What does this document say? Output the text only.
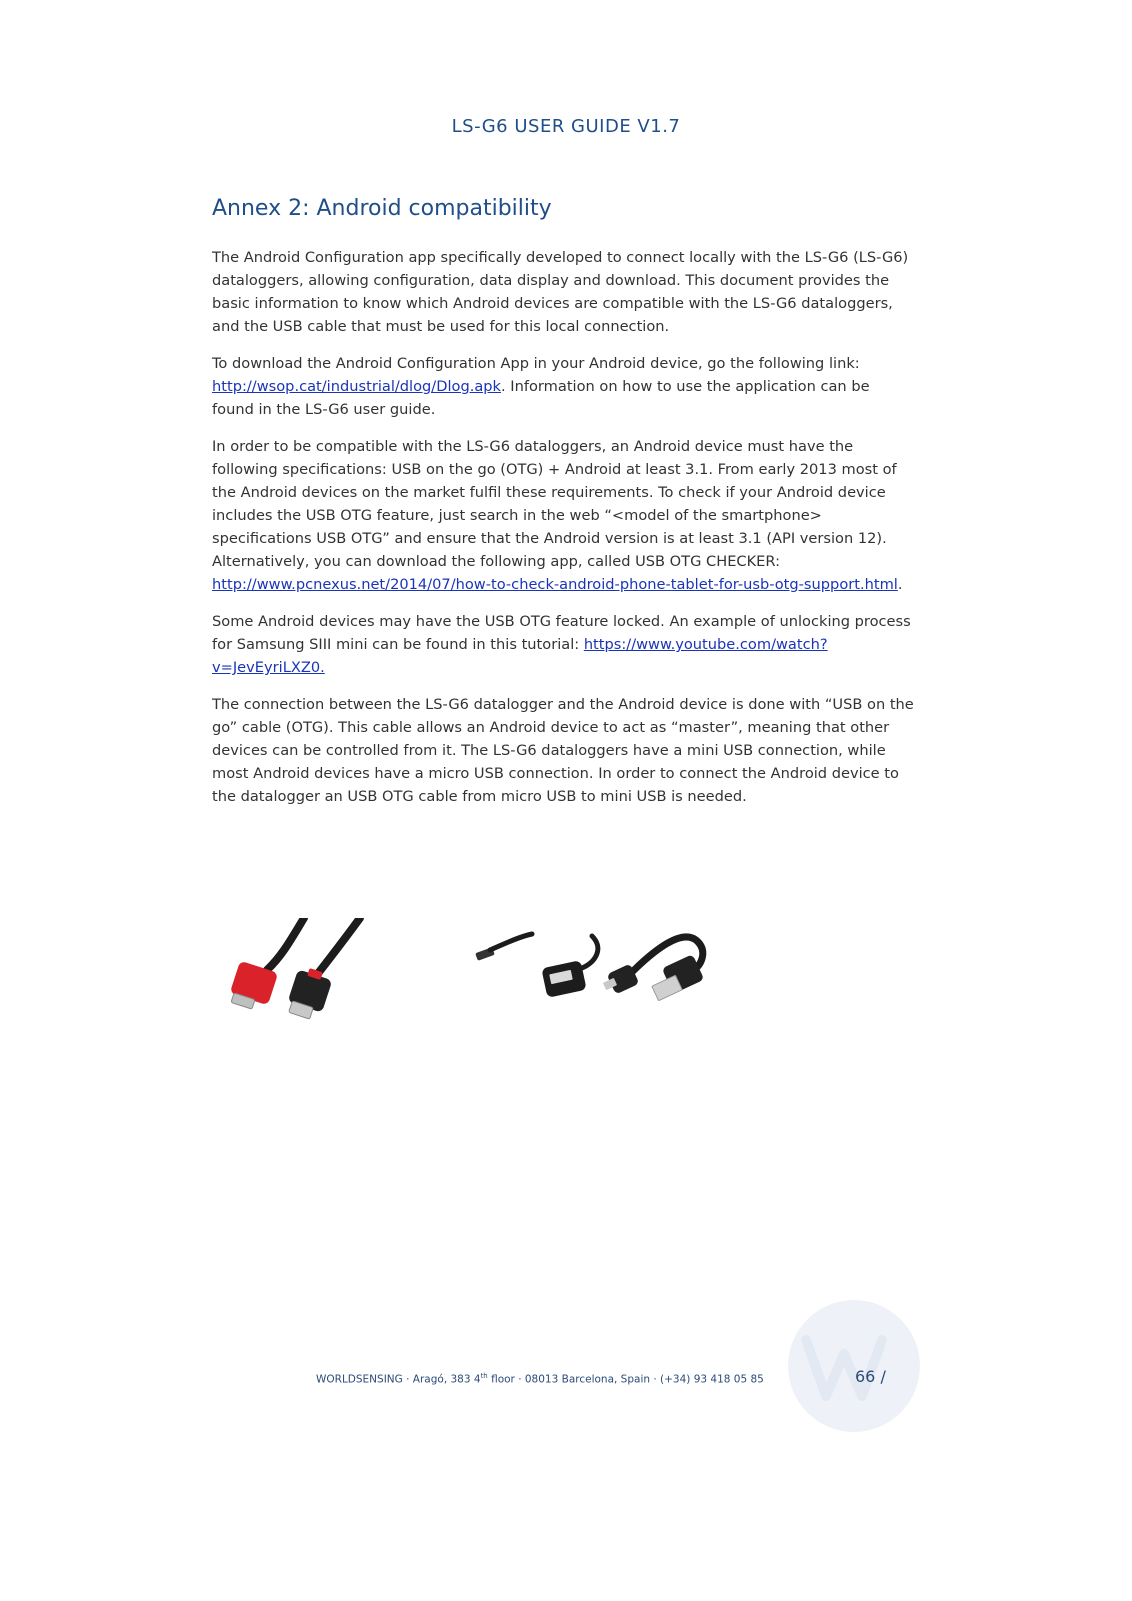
LS-G6 USER GUIDE V1.7
Annex 2: Android compatibility

The Android Configuration app specifically developed to connect locally with the LS-G6 (LS-G6) dataloggers, allowing configuration, data display and download. This document provides the basic information to know which Android devices are compatible with the LS-G6 dataloggers, and the USB cable that must be used for this local connection.

To download the Android Configuration App in your Android device, go the following link: http://wsop.cat/industrial/dlog/Dlog.apk. Information on how to use the application can be found in the LS-G6 user guide.

In order to be compatible with the LS-G6 dataloggers, an Android device must have the following specifications: USB on the go (OTG) + Android at least 3.1. From early 2013 most of the Android devices on the market fulfil these requirements. To check if your Android device includes the USB OTG feature, just search in the web “<model of the smartphone> specifications USB OTG” and ensure that the Android version is at least 3.1 (API version 12). Alternatively, you can download the following app, called USB OTG CHECKER: http://www.pcnexus.net/2014/07/how-to-check-android-phone-tablet-for-usb-otg-support.html.

Some Android devices may have the USB OTG feature locked. An example of unlocking process for Samsung SIII mini can be found in this tutorial: https://www.youtube.com/watch?v=JevEyriLXZ0.

The connection between the LS-G6 datalogger and the Android device is done with “USB on the go” cable (OTG). This cable allows an Android device to act as “master”, meaning that other devices can be controlled from it. The LS-G6 dataloggers have a mini USB connection, while most Android devices have a micro USB connection. In order to connect the Android device to the datalogger an USB OTG cable from micro USB to mini USB is needed.

WORLDSENSING · Aragó, 383 4th floor · 08013 Barcelona, Spain · (+34) 93 418 05 85	66 /
